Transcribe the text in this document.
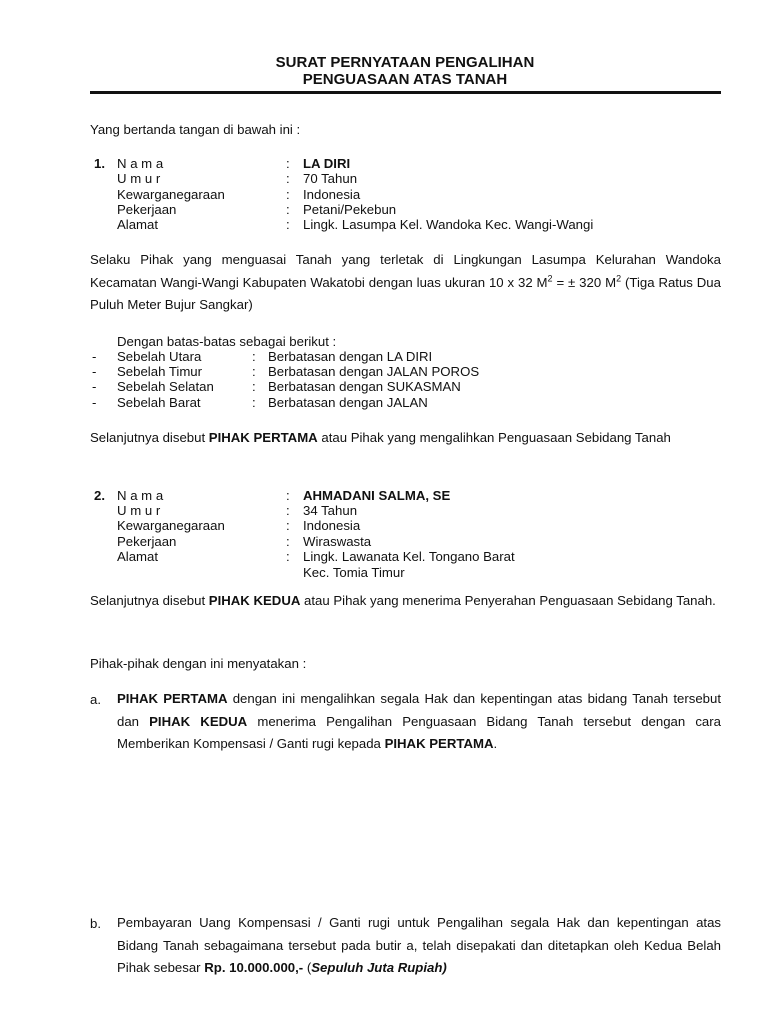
SURAT PERNYATAAN PENGALIHAN
PENGUASAAN ATAS TANAH
Yang bertanda tangan di bawah ini :
1. N a m a	: LA DIRI
U m u r	: 70 Tahun
Kewarganegaraan	: Indonesia
Pekerjaan	: Petani/Pekebun
Alamat	: Lingk. Lasumpa Kel. Wandoka Kec. Wangi-Wangi
Selaku Pihak yang menguasai Tanah yang terletak di Lingkungan Lasumpa Kelurahan Wandoka Kecamatan Wangi-Wangi Kabupaten Wakatobi dengan luas ukuran 10 x 32 $M^2$ = ± 320 $M^2$ (Tiga Ratus Dua Puluh Meter Bujur Sangkar)
Dengan batas-batas sebagai berikut :
- Sebelah Utara	: Berbatasan dengan LA DIRI
- Sebelah Timur	: Berbatasan dengan JALAN POROS
- Sebelah Selatan	: Berbatasan dengan SUKASMAN
- Sebelah Barat	: Berbatasan dengan JALAN
Selanjutnya disebut PIHAK PERTAMA atau Pihak yang mengalihkan Penguasaan Sebidang Tanah
2. N a m a	: AHMADANI SALMA, SE
U m u r	: 34 Tahun
Kewarganegaraan	: Indonesia
Pekerjaan	: Wiraswasta
Alamat	: Lingk. Lawanata Kel. Tongano Barat
Kec. Tomia Timur
Selanjutnya disebut PIHAK KEDUA atau Pihak yang menerima Penyerahan Penguasaan Sebidang Tanah.
Pihak-pihak dengan ini menyatakan :
a. PIHAK PERTAMA dengan ini mengalihkan segala Hak dan kepentingan atas bidang Tanah tersebut dan PIHAK KEDUA menerima Pengalihan Penguasaan Bidang Tanah tersebut dengan cara Memberikan Kompensasi / Ganti rugi kepada PIHAK PERTAMA.
b. Pembayaran Uang Kompensasi / Ganti rugi untuk Pengalihan segala Hak dan kepentingan atas Bidang Tanah sebagaimana tersebut pada butir a, telah disepakati dan ditetapkan oleh Kedua Belah Pihak sebesar Rp. 10.000.000,- (Sepuluh Juta Rupiah)
